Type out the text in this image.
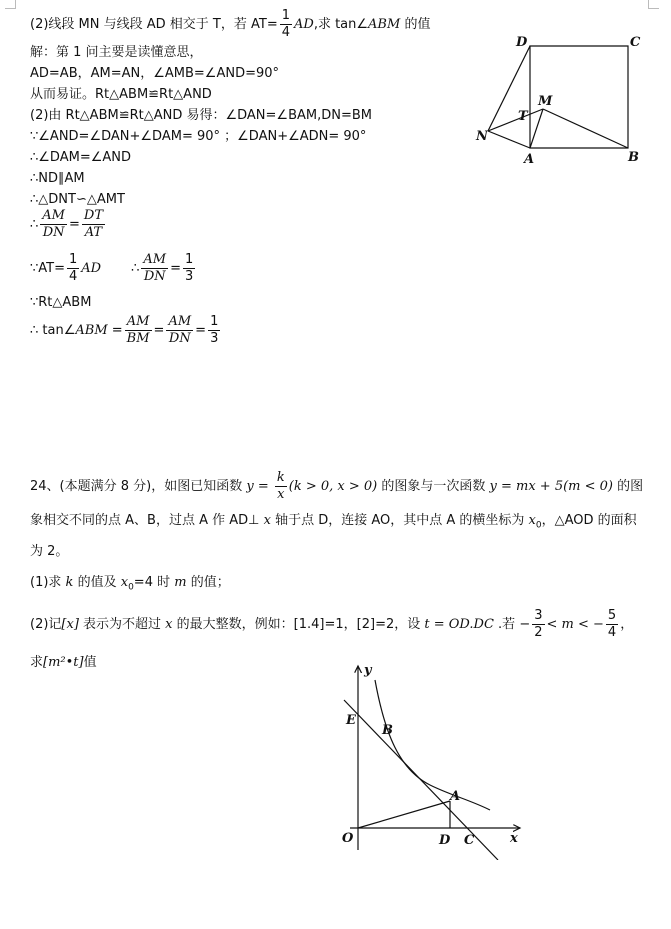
(2)线段 MN 与线段 AD 相交于 T，若 $AT= \frac{1}{4}$ AD,求 tan∠ABM 的值
解：第 1 问主要是读懂意思，
AD=AB，AM=AN，∠AMB=∠AND=90°
从而易证。Rt△ABM≌Rt△AND
(2)由 Rt△ABM≌Rt△AND 易得：∠DAN=∠BAM,DN=BM
∵∠AND=∠DAN+∠DAM= 90° ；∠DAN+∠ADN= 90°
∴∠DAM=∠AND
∴ND∥AM
∴△DNT∽△AMT
∴ $\frac{AM}{DN} = \frac{DT}{AT}$
∵AT= $\frac{1}{4}$ AD ∴ $\frac{AM}{DN} = \frac{1}{3}$
∵Rt△ABM
∴ tan∠ABM = $\frac{AM}{BM} = \frac{AM}{DN} = \frac{1}{3}$
D	C
M
T
N
A	B
24、(本题满分 8 分)，如图已知函数 $y = \frac{k}{x} (k > 0$, x > 0) 的图象与一次函数 y = mx + 5(m < 0) 的图
象相交不同的点 A、B，过点 A 作 AD⊥ x 轴于点 D，连接 AO，其中点 A 的横坐标为 $x_0$，△AOD 的面积
为 2。
(1)求 k 的值及 $x_0=4$ 时 m 的值；
(2)记[x] 表示为不超过 x 的最大整数，例如：[1.4]=1，[2]=2，设 t = OD.DC .若 − $\frac{3}{2} < m$ < − $\frac{5}{4}$ ，
求[m²•t]值
y
E
B
A
O	D C	x
